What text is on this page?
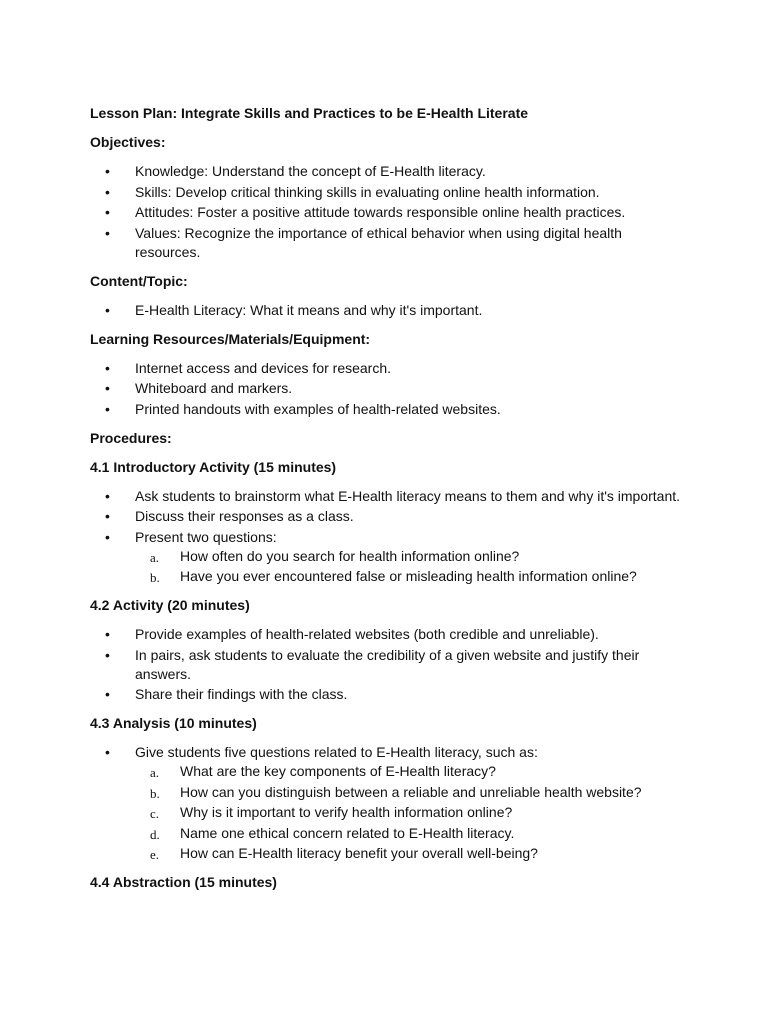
Lesson Plan: Integrate Skills and Practices to be E-Health Literate

Objectives:

• Knowledge: Understand the concept of E-Health literacy.
• Skills: Develop critical thinking skills in evaluating online health information.
• Attitudes: Foster a positive attitude towards responsible online health practices.
• Values: Recognize the importance of ethical behavior when using digital health resources.

Content/Topic:

• E-Health Literacy: What it means and why it's important.

Learning Resources/Materials/Equipment:

• Internet access and devices for research.
• Whiteboard and markers.
• Printed handouts with examples of health-related websites.

Procedures:

4.1 Introductory Activity (15 minutes)

• Ask students to brainstorm what E-Health literacy means to them and why it's important.
• Discuss their responses as a class.
• Present two questions:
a. How often do you search for health information online?
b. Have you ever encountered false or misleading health information online?

4.2 Activity (20 minutes)

• Provide examples of health-related websites (both credible and unreliable).
• In pairs, ask students to evaluate the credibility of a given website and justify their answers.
• Share their findings with the class.

4.3 Analysis (10 minutes)

• Give students five questions related to E-Health literacy, such as:
a. What are the key components of E-Health literacy?
b. How can you distinguish between a reliable and unreliable health website?
c. Why is it important to verify health information online?
d. Name one ethical concern related to E-Health literacy.
e. How can E-Health literacy benefit your overall well-being?

4.4 Abstraction (15 minutes)
